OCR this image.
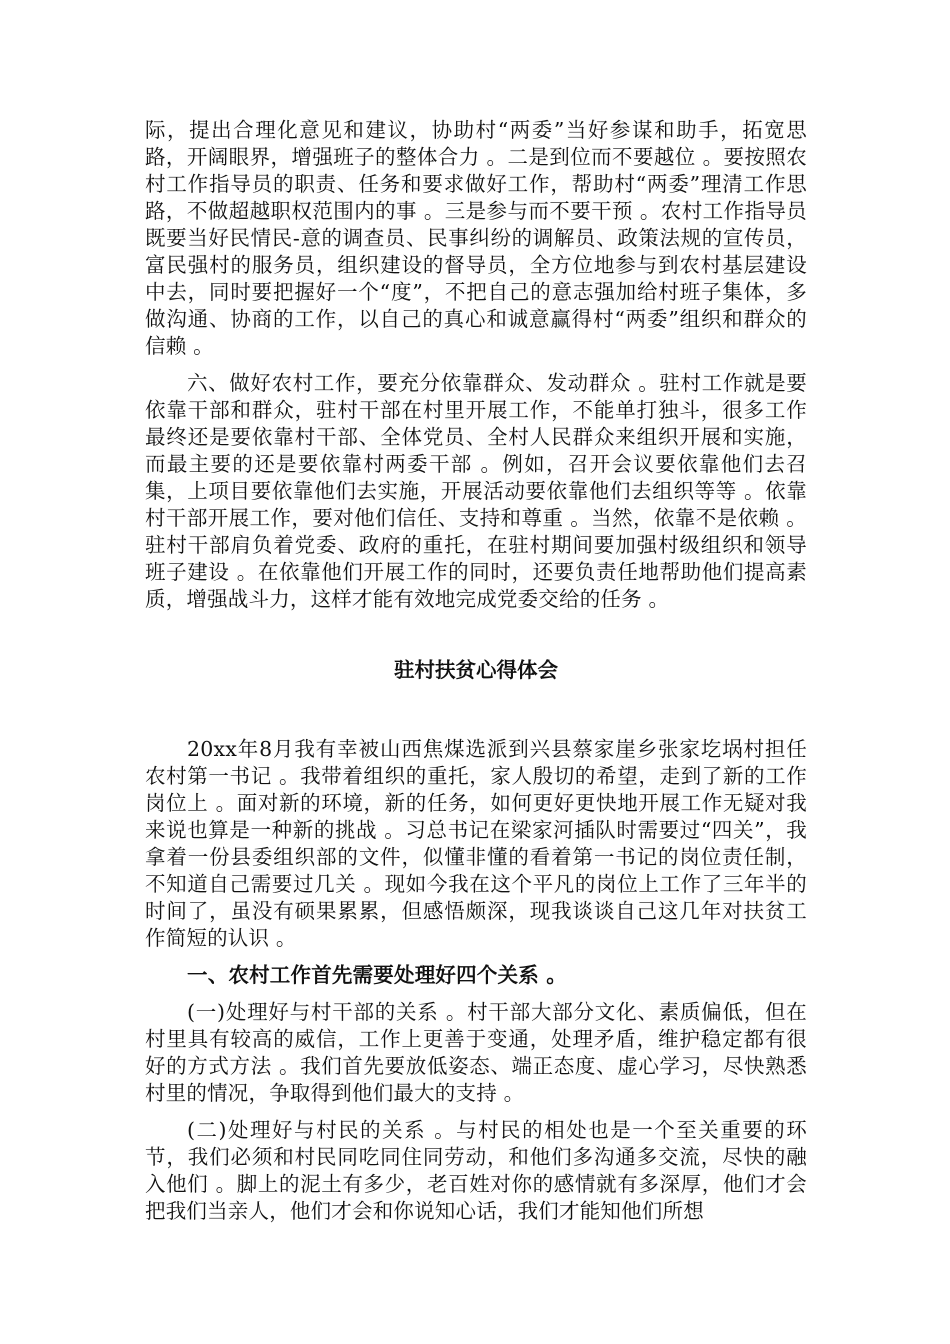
际，提出合理化意见和建议，协助村“两委”当好参谋和助手，拓宽思路，开阔眼界，增强班子的整体合力 。二是到位而不要越位 。要按照农村工作指导员的职责、任务和要求做好工作，帮助村“两委”理清工作思路，不做超越职权范围内的事 。三是参与而不要干预 。农村工作指导员既要当好民情民-意的调查员、民事纠纷的调解员、政策法规的宣传员，富民强村的服务员，组织建设的督导员，全方位地参与到农村基层建设中去，同时要把握好一个“度”，不把自己的意志强加给村班子集体，多做沟通、协商的工作，以自己的真心和诚意赢得村“两委”组织和群众的信赖 。

六、做好农村工作，要充分依靠群众、发动群众 。驻村工作就是要依靠干部和群众，驻村干部在村里开展工作，不能单打独斗，很多工作最终还是要依靠村干部、全体党员、全村人民群众来组织开展和实施，而最主要的还是要依靠村两委干部 。例如，召开会议要依靠他们去召集，上项目要依靠他们去实施，开展活动要依靠他们去组织等等 。依靠村干部开展工作，要对他们信任、支持和尊重 。当然，依靠不是依赖 。驻村干部肩负着党委、政府的重托，在驻村期间要加强村级组织和领导班子建设 。在依靠他们开展工作的同时，还要负责任地帮助他们提高素质，增强战斗力，这样才能有效地完成党委交给的任务 。

驻村扶贫心得体会

20xx年8月我有幸被山西焦煤选派到兴县蔡家崖乡张家圪埚村担任农村第一书记 。我带着组织的重托，家人殷切的希望，走到了新的工作岗位上 。面对新的环境，新的任务，如何更好更快地开展工作无疑对我来说也算是一种新的挑战 。习总书记在梁家河插队时需要过“四关”，我拿着一份县委组织部的文件，似懂非懂的看着第一书记的岗位责任制，不知道自己需要过几关 。现如今我在这个平凡的岗位上工作了三年半的时间了，虽没有硕果累累，但感悟颇深，现我谈谈自己这几年对扶贫工作简短的认识 。

一、农村工作首先需要处理好四个关系 。

(一)处理好与村干部的关系 。村干部大部分文化、素质偏低，但在村里具有较高的威信，工作上更善于变通，处理矛盾，维护稳定都有很好的方式方法 。我们首先要放低姿态、端正态度、虚心学习，尽快熟悉村里的情况，争取得到他们最大的支持 。

(二)处理好与村民的关系 。与村民的相处也是一个至关重要的环节，我们必须和村民同吃同住同劳动，和他们多沟通多交流，尽快的融入他们 。脚上的泥土有多少，老百姓对你的感情就有多深厚，他们才会把我们当亲人，他们才会和你说知心话，我们才能知他们所想
